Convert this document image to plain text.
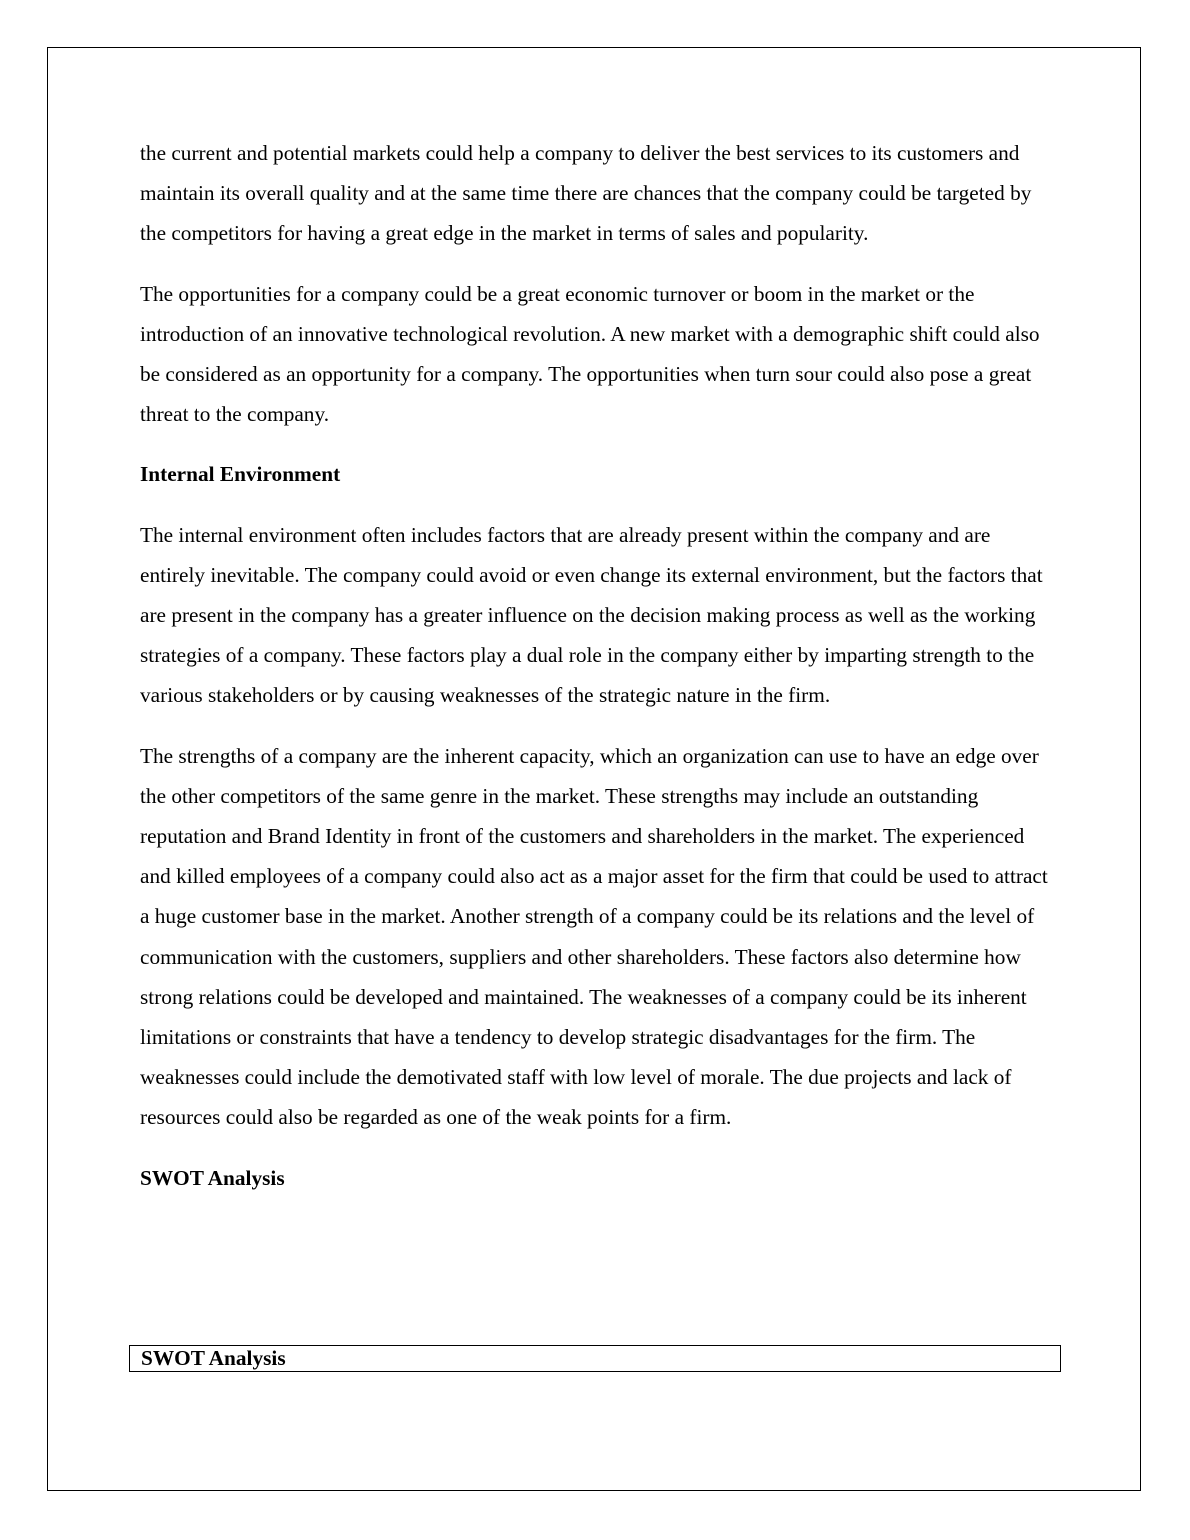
the current and potential markets could help a company to deliver the best services to its customers and maintain its overall quality and at the same time there are chances that the company could be targeted by the competitors for having a great edge in the market in terms of sales and popularity.

The opportunities for a company could be a great economic turnover or boom in the market or the introduction of an innovative technological revolution. A new market with a demographic shift could also be considered as an opportunity for a company. The opportunities when turn sour could also pose a great threat to the company.

Internal Environment

The internal environment often includes factors that are already present within the company and are entirely inevitable. The company could avoid or even change its external environment, but the factors that are present in the company has a greater influence on the decision making process as well as the working strategies of a company. These factors play a dual role in the company either by imparting strength to the various stakeholders or by causing weaknesses of the strategic nature in the firm.

The strengths of a company are the inherent capacity, which an organization can use to have an edge over the other competitors of the same genre in the market. These strengths may include an outstanding reputation and Brand Identity in front of the customers and shareholders in the market. The experienced and killed employees of a company could also act as a major asset for the firm that could be used to attract a huge customer base in the market. Another strength of a company could be its relations and the level of communication with the customers, suppliers and other shareholders. These factors also determine how strong relations could be developed and maintained. The weaknesses of a company could be its inherent limitations or constraints that have a tendency to develop strategic disadvantages for the firm. The weaknesses could include the demotivated staff with low level of morale. The due projects and lack of resources could also be regarded as one of the weak points for a firm.

SWOT Analysis

SWOT Analysis
